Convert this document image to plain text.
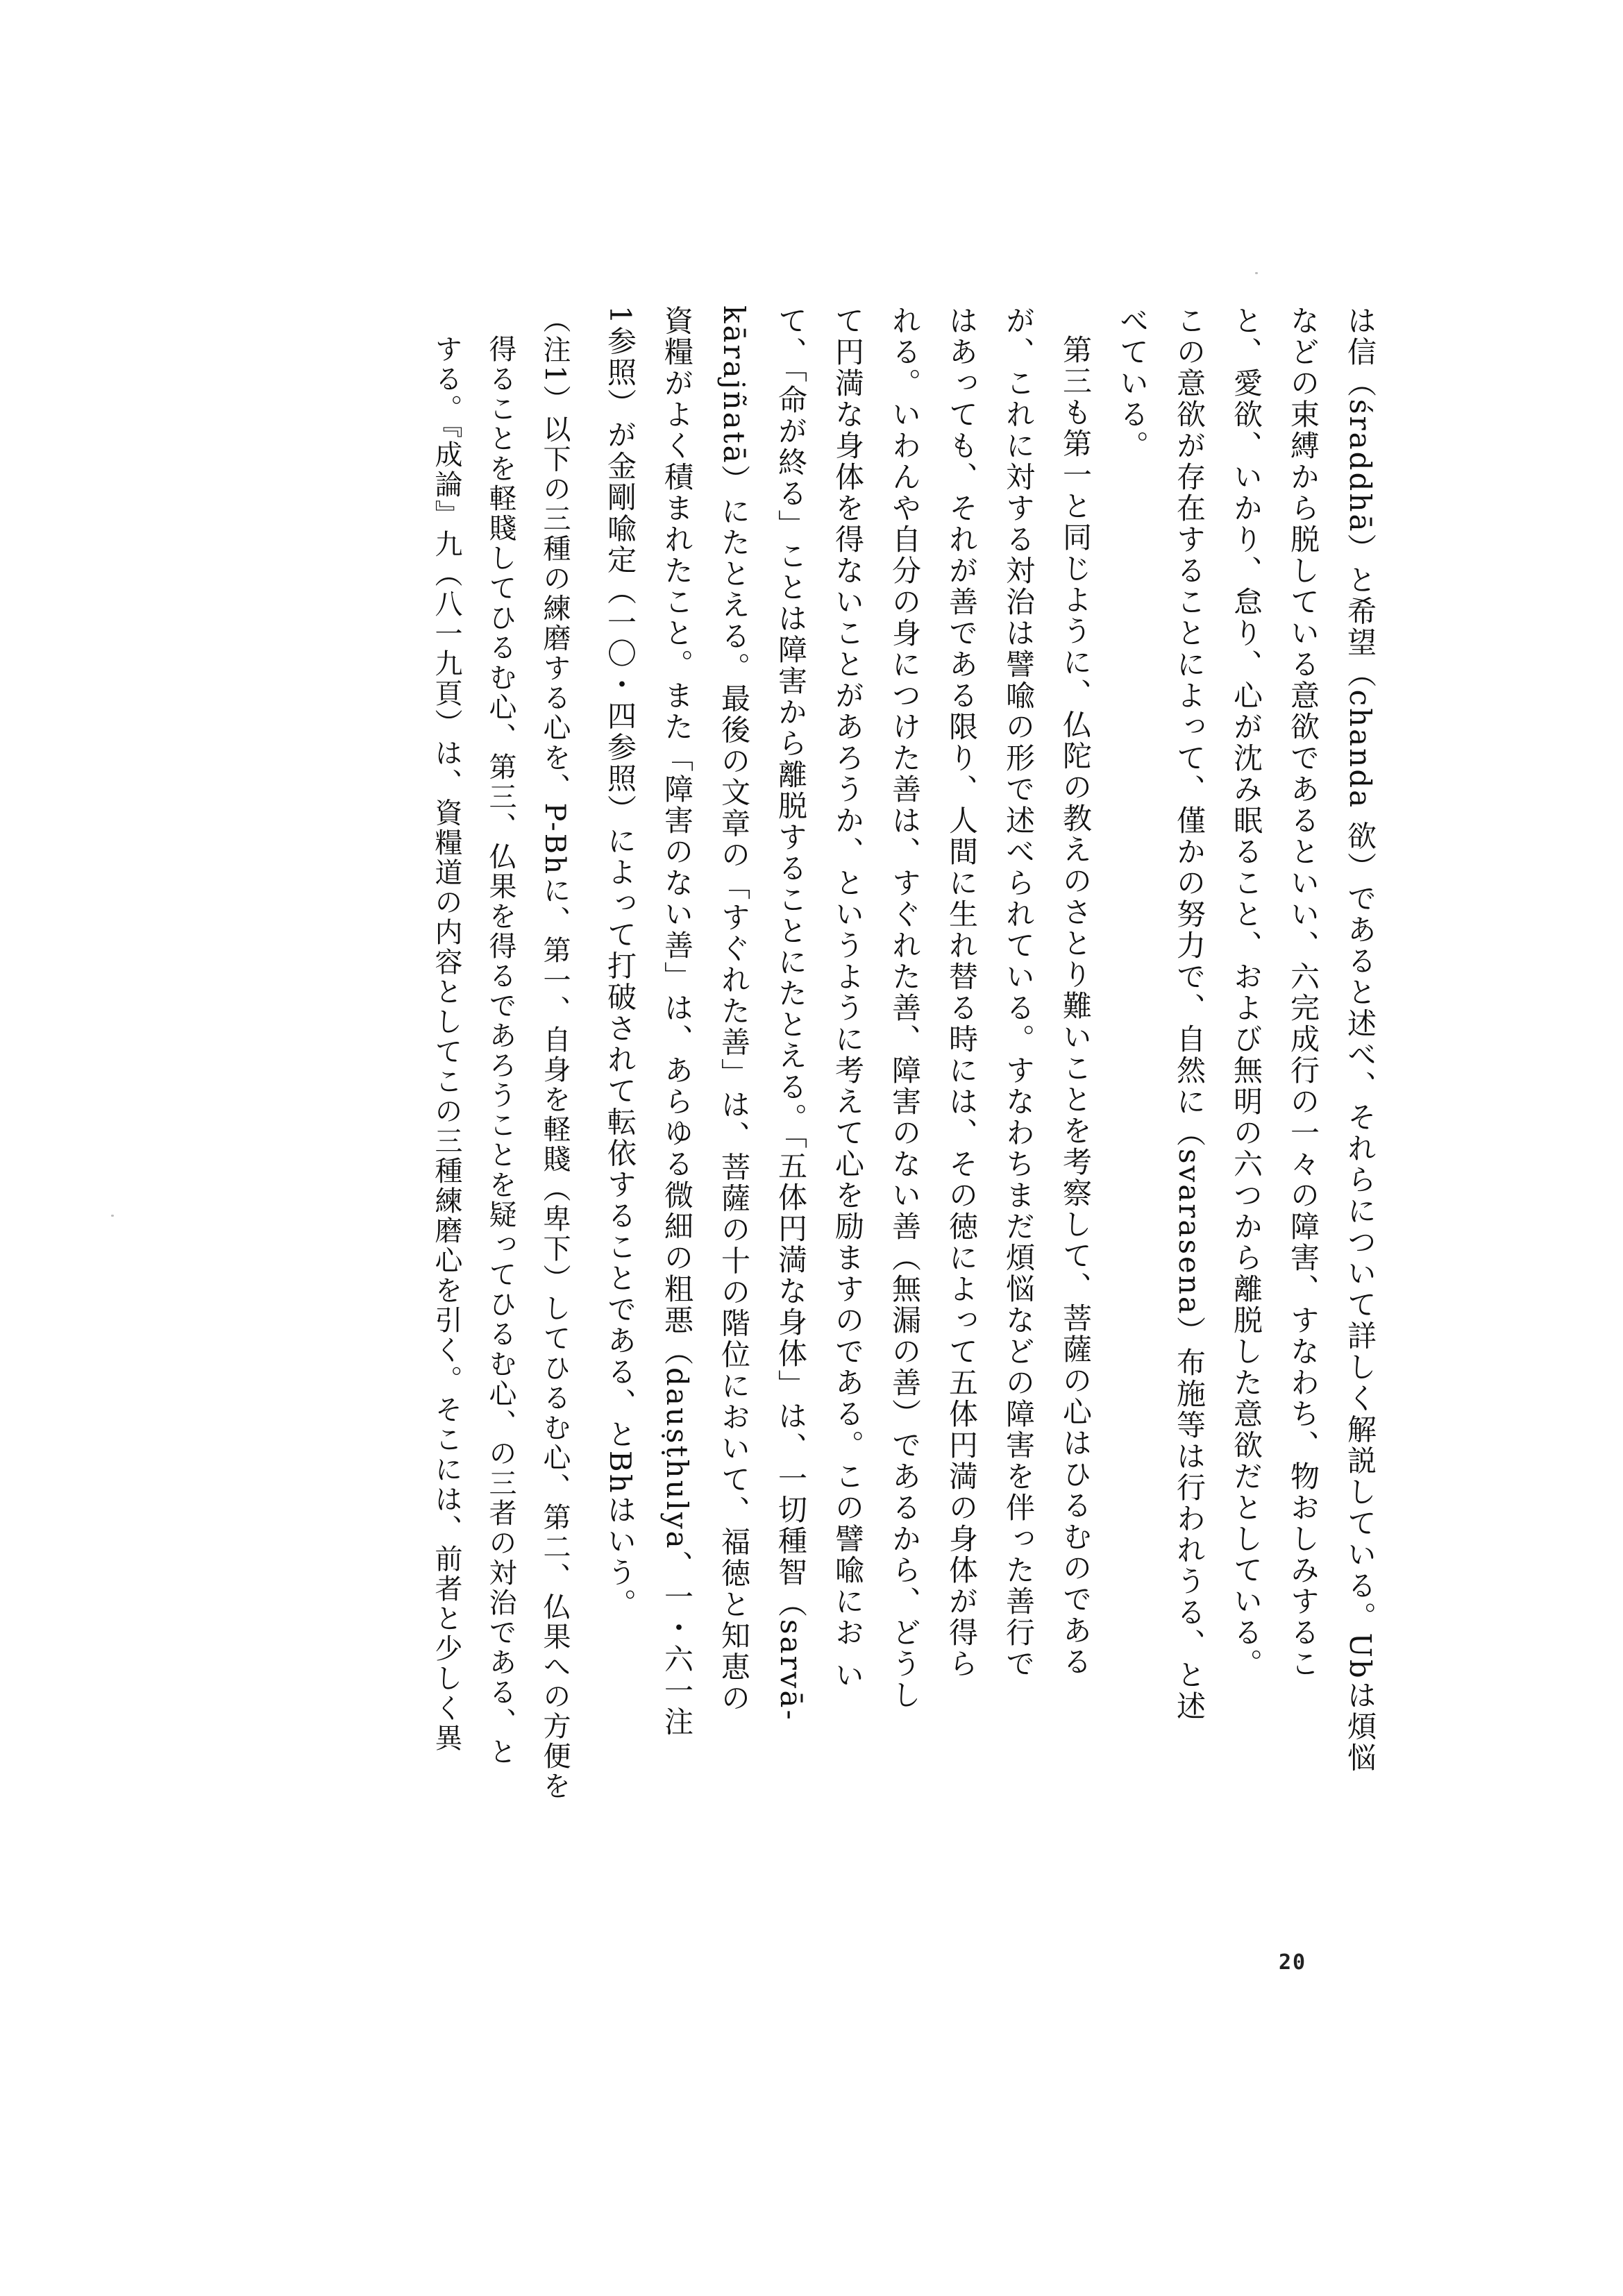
は信（śraddhā）と希望（chanda 欲）であると述べ、それらについて詳しく解説している。Ubは煩悩
などの束縛から脱している意欲であるといい、六完成行の一々の障害、すなわち、物おしみするこ
と、愛欲、いかり、怠り、心が沈み眠ること、および無明の六つから離脱した意欲だとしている。
この意欲が存在することによって、僅かの努力で、自然に（svarasena）布施等は行われうる、と述
べている。
第三も第一と同じように、仏陀の教えのさとり難いことを考察して、菩薩の心はひるむのである
が、これに対する対治は譬喩の形で述べられている。すなわちまだ煩悩などの障害を伴った善行で
はあっても、それが善である限り、人間に生れ替る時には、その徳によって五体円満の身体が得ら
れる。いわんや自分の身につけた善は、すぐれた善、障害のない善（無漏の善）であるから、どうし
て円満な身体を得ないことがあろうか、というように考えて心を励ますのである。この譬喩にお い
て、「命が終る」ことは障害から離脱することにたとえる。「五体円満な身体」は、一切種智（sarvā-
kārajñatā）にたとえる。最後の文章の「すぐれた善」は、菩薩の十の階位において、福徳と知恵の
資糧がよく積まれたこと。また「障害のない善」は、あらゆる微細の粗悪（dauṣṭhulya、一・六一注
1参照）が金剛喩定（一〇・四参照）によって打破されて転依することである、とBhはいう。
（注1）以下の三種の練磨する心を、P-Bhに、第一、自身を軽賤（卑下）してひるむ心、第二、仏果への方便を
得ることを軽賤してひるむ心、第三、仏果を得るであろうことを疑ってひるむ心、の三者の対治である、と
する。『成論』九（八一九頁）は、資糧道の内容としてこの三種練磨心を引く。そこには、前者と少しく異
20
